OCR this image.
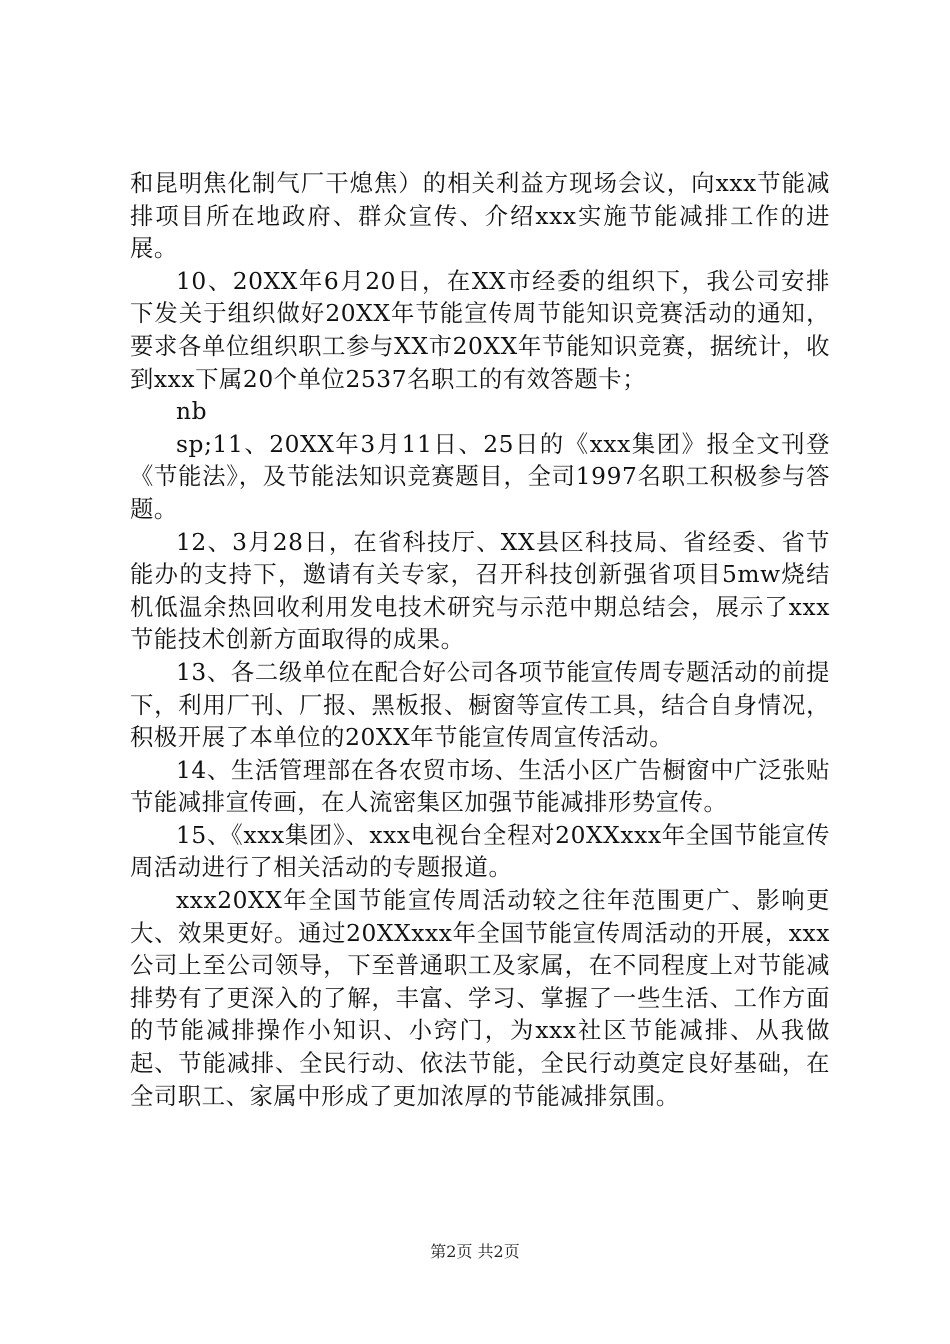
和昆明焦化制气厂干熄焦）的相关利益方现场会议，向xxx节能减排项目所在地政府、群众宣传、介绍xxx实施节能减排工作的进展。

10、20XX年6月20日，在XX市经委的组织下，我公司安排下发关于组织做好20XX年节能宣传周节能知识竞赛活动的通知，要求各单位组织职工参与XX市20XX年节能知识竞赛，据统计，收到xxx下属20个单位2537名职工的有效答题卡；

nb

sp;11、20XX年3月11日、25日的《xxx集团》报全文刊登《节能法》，及节能法知识竞赛题目，全司1997名职工积极参与答题。

12、3月28日，在省科技厅、XX县区科技局、省经委、省节能办的支持下，邀请有关专家，召开科技创新强省项目5mw烧结机低温余热回收利用发电技术研究与示范中期总结会，展示了xxx节能技术创新方面取得的成果。

13、各二级单位在配合好公司各项节能宣传周专题活动的前提下，利用厂刊、厂报、黑板报、橱窗等宣传工具，结合自身情况，积极开展了本单位的20XX年节能宣传周宣传活动。

14、生活管理部在各农贸市场、生活小区广告橱窗中广泛张贴节能减排宣传画，在人流密集区加强节能减排形势宣传。

15、《xxx集团》、xxx电视台全程对20XXxxx年全国节能宣传周活动进行了相关活动的专题报道。

xxx20XX年全国节能宣传周活动较之往年范围更广、影响更大、效果更好。通过20XXxxx年全国节能宣传周活动的开展，xxx公司上至公司领导，下至普通职工及家属，在不同程度上对节能减排势有了更深入的了解，丰富、学习、掌握了一些生活、工作方面的节能减排操作小知识、小窍门，为xxx社区节能减排、从我做起、节能减排、全民行动、依法节能，全民行动奠定良好基础，在全司职工、家属中形成了更加浓厚的节能减排氛围。

第2页 共2页
